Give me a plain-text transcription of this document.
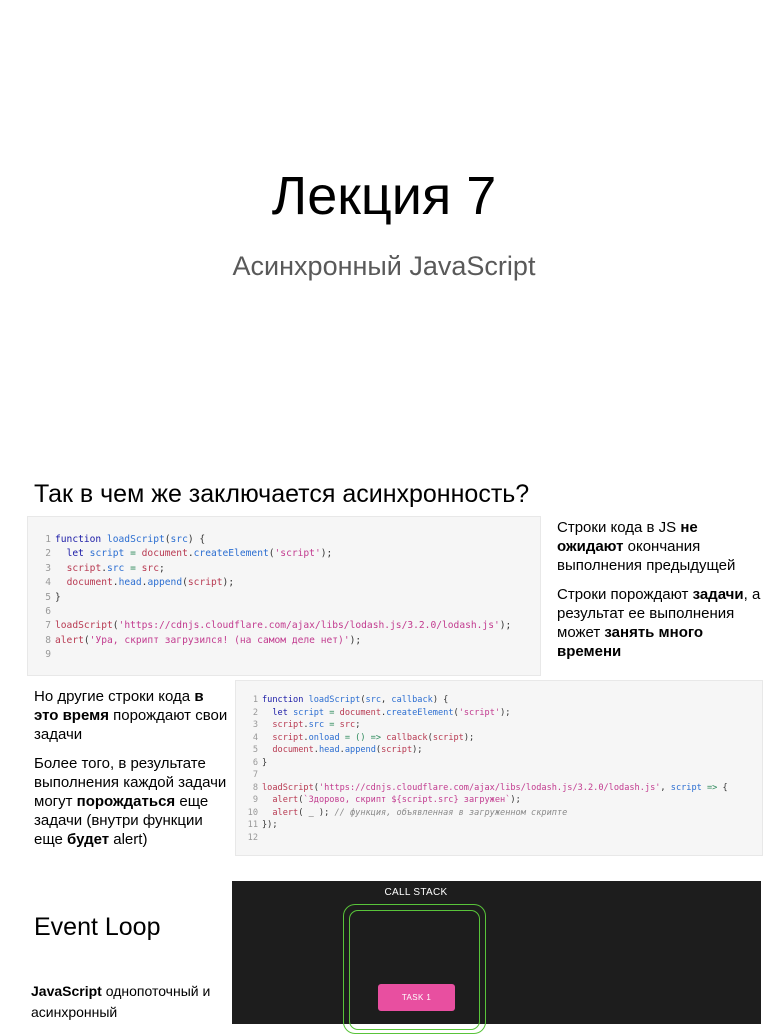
Лекция 7
Асинхронный JavaScript
Так в чем же заключается асинхронность?
1 function loadScript(src) {
2 let script = document.createElement('script');
3 script.src = src;
4 document.head.append(script);
5 }
6
7 loadScript('https://cdnjs.cloudflare.com/ajax/libs/lodash.js/3.2.0/lodash.js');
8 alert('Ура, скрипт загрузился! (на самом деле нет)');
9

Строки кода в JS не ожидают окончания выполнения предыдущей

Строки порождают задачи, а результат ее выполнения может занять много времени

Но другие строки кода в это время порождают свои задачи

Более того, в результате выполнения каждой задачи могут порождаться еще задачи (внутри функции еще будет alert)

1 function loadScript(src, callback) {
2 let script = document.createElement('script');
3 script.src = src;
4 script.onload = () => callback(script);
5 document.head.append(script);
6 }
7
8 loadScript('https://cdnjs.cloudflare.com/ajax/libs/lodash.js/3.2.0/lodash.js', script => {
9 alert(`Здорово, скрипт ${script.src} загружен`);
10 alert( _ ); // функция, объявленная в загруженном скрипте
11 });
12
Event Loop
JavaScript однопоточный и асинхронный
CALL STACK
TASK 1
